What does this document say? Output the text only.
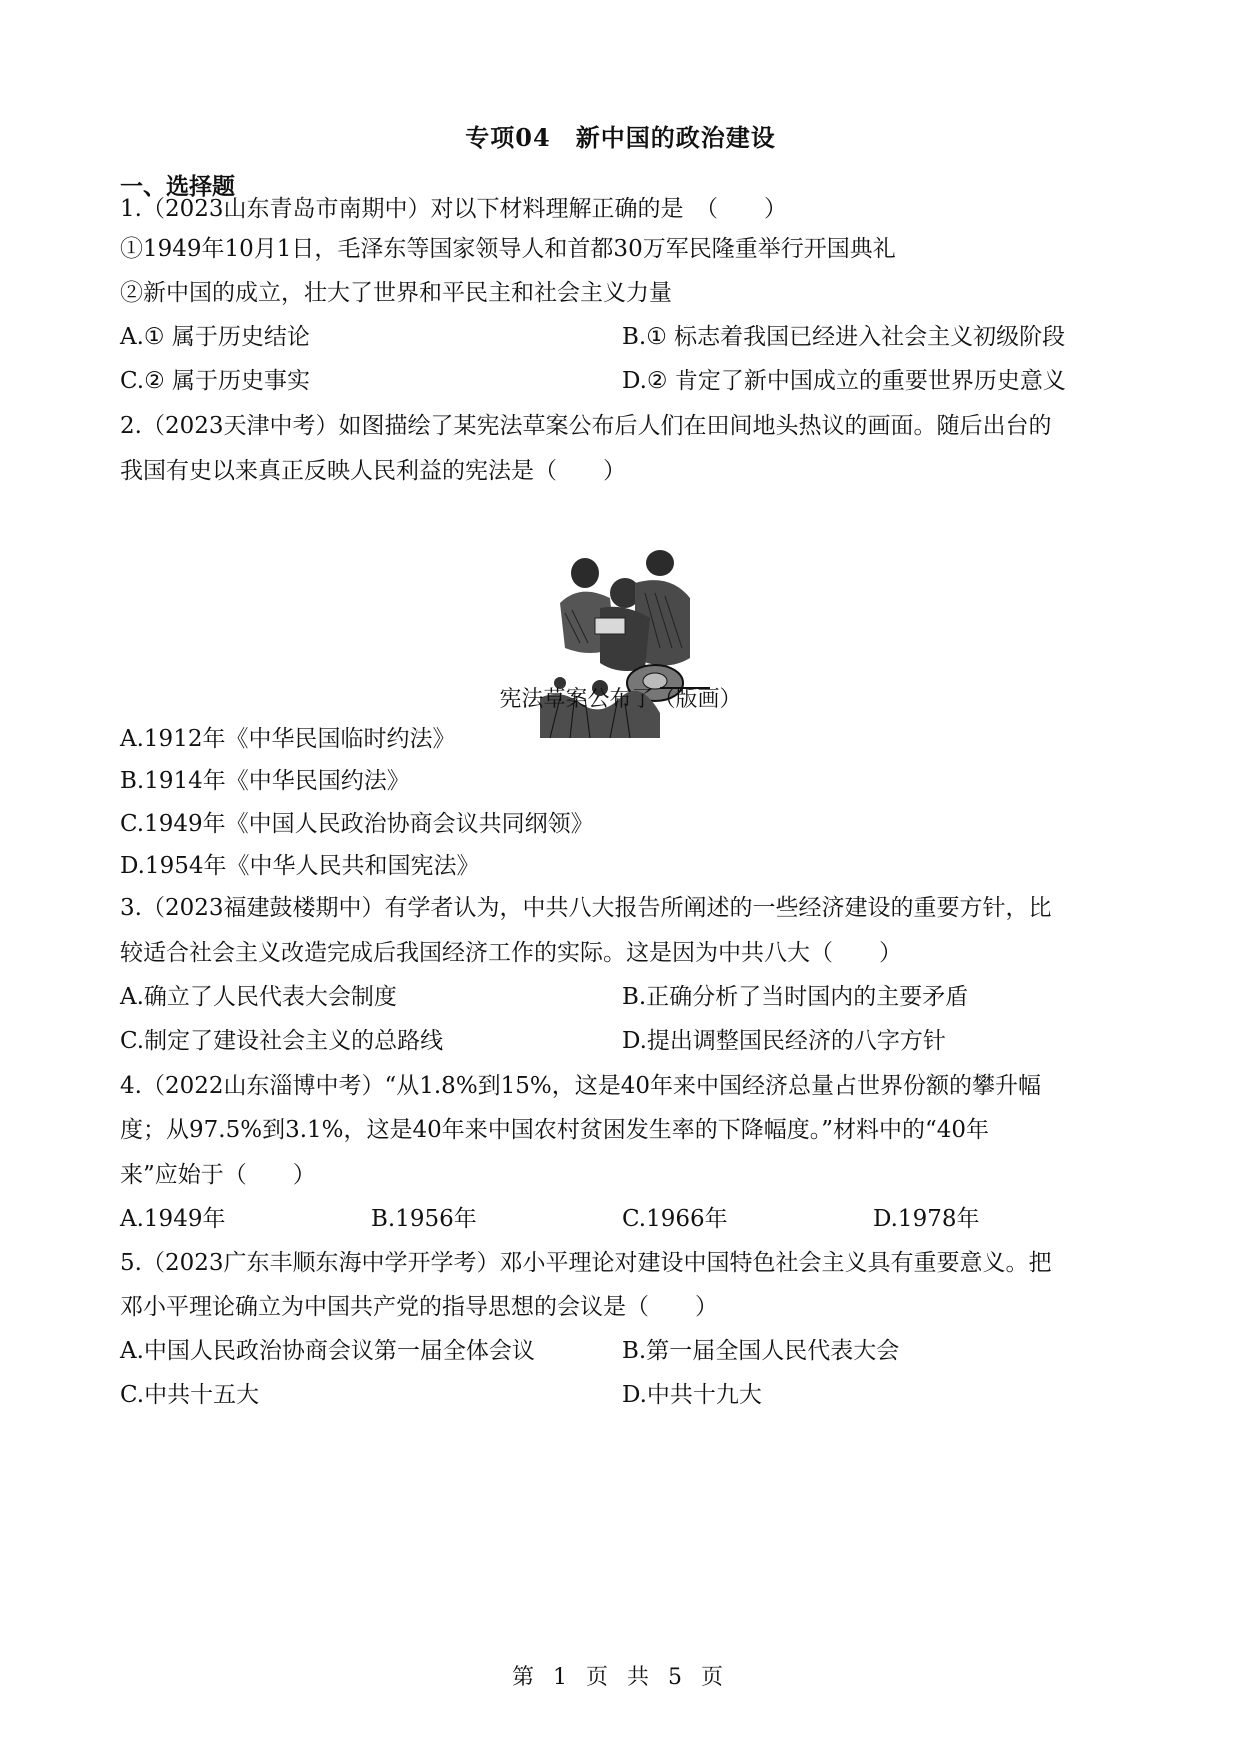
专项04　新中国的政治建设
一、选择题
1.（2023山东青岛市南期中）对以下材料理解正确的是　（　　）
①1949年10月1日，毛泽东等国家领导人和首都30万军民隆重举行开国典礼
②新中国的成立，壮大了世界和平民主和社会主义力量
A.① 属于历史结论	B.① 标志着我国已经进入社会主义初级阶段
C.② 属于历史事实	D.② 肯定了新中国成立的重要世界历史意义
2.（2023天津中考）如图描绘了某宪法草案公布后人们在田间地头热议的画面。随后出台的
我国有史以来真正反映人民利益的宪法是（　　）
宪法草案公布了（版画）
A.1912年《中华民国临时约法》
B.1914年《中华民国约法》
C.1949年《中国人民政治协商会议共同纲领》
D.1954年《中华人民共和国宪法》
3.（2023福建鼓楼期中）有学者认为，中共八大报告所阐述的一些经济建设的重要方针，比
较适合社会主义改造完成后我国经济工作的实际。这是因为中共八大（　　）
A.确立了人民代表大会制度	B.正确分析了当时国内的主要矛盾
C.制定了建设社会主义的总路线	D.提出调整国民经济的八字方针
4.（2022山东淄博中考）“从1.8%到15%，这是40年来中国经济总量占世界份额的攀升幅
度；从97.5%到3.1%，这是40年来中国农村贫困发生率的下降幅度。”材料中的“40年
来”应始于（　　）
A.1949年	B.1956年	C.1966年	D.1978年
5.（2023广东丰顺东海中学开学考）邓小平理论对建设中国特色社会主义具有重要意义。把
邓小平理论确立为中国共产党的指导思想的会议是（　　）
A.中国人民政治协商会议第一届全体会议	B.第一届全国人民代表大会
C.中共十五大	D.中共十九大
第 1 页 共 5 页
